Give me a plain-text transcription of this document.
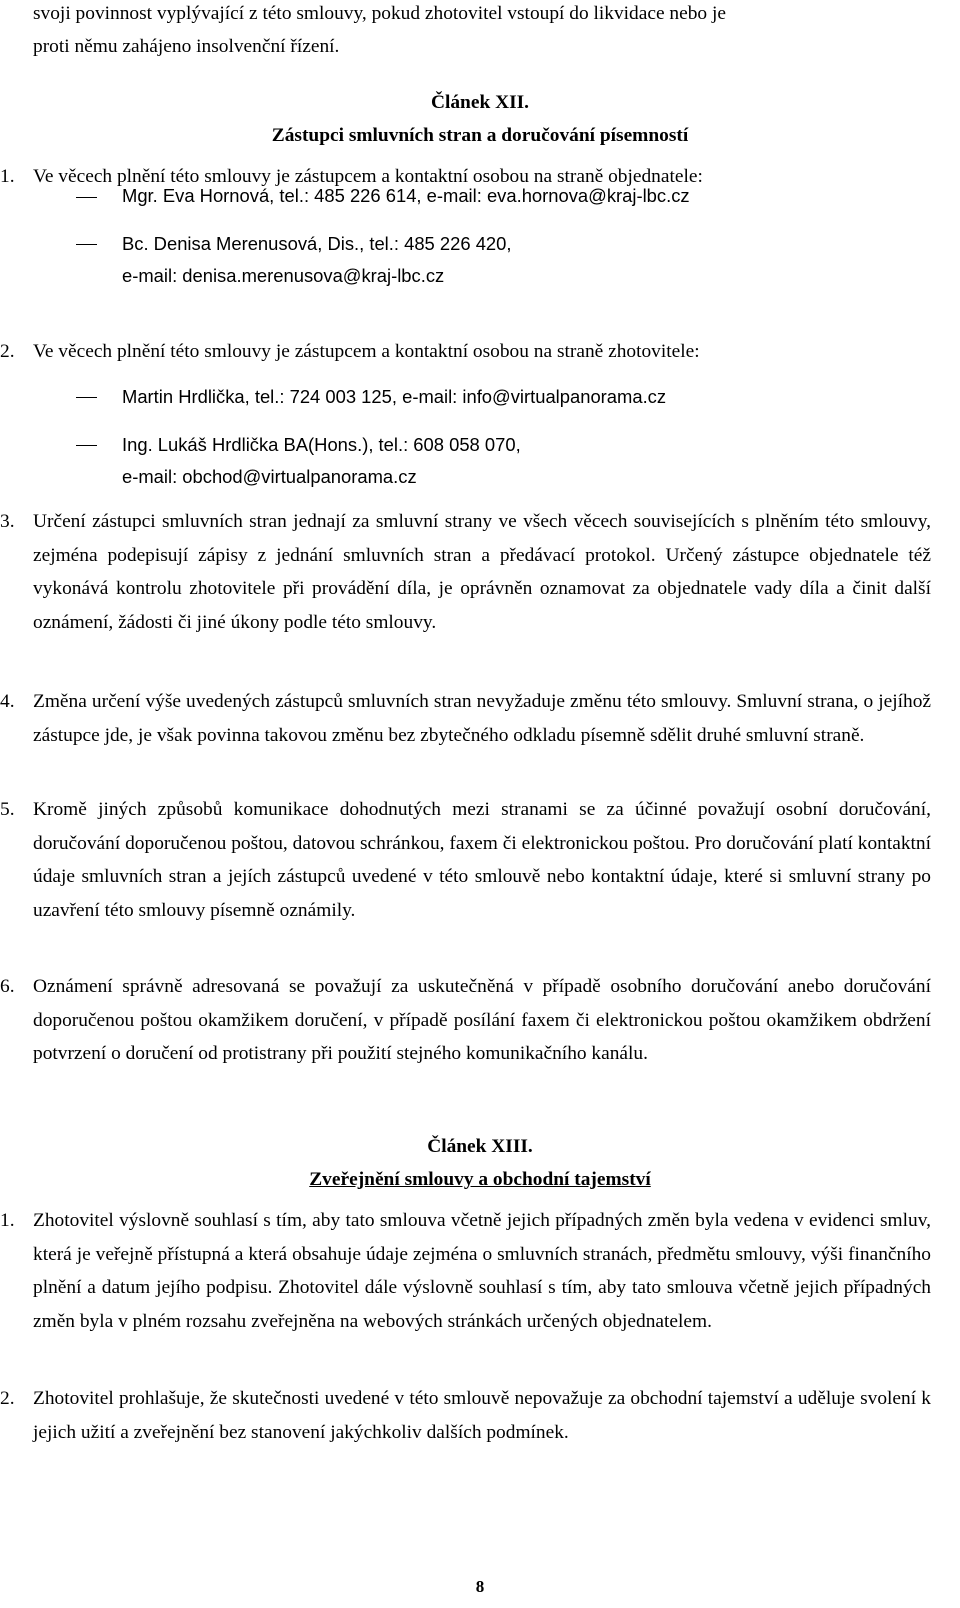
svoji povinnost vyplývající z této smlouvy, pokud zhotovitel vstoupí do likvidace nebo je
proti němu zahájeno insolvenční řízení.
Článek XII.
Zástupci smluvních stran a doručování písemností
1. Ve věcech plnění této smlouvy je zástupcem a kontaktní osobou na straně objednatele:
Mgr. Eva Hornová, tel.: 485 226 614, e-mail: eva.hornova@kraj-lbc.cz
Bc. Denisa Merenusová, Dis., tel.: 485 226 420,
e-mail: denisa.merenusova@kraj-lbc.cz
2. Ve věcech plnění této smlouvy je zástupcem a kontaktní osobou na straně zhotovitele:
Martin Hrdlička, tel.: 724 003 125, e-mail: info@virtualpanorama.cz
Ing. Lukáš Hrdlička BA(Hons.), tel.: 608 058 070,
e-mail: obchod@virtualpanorama.cz
3. Určení zástupci smluvních stran jednají za smluvní strany ve všech věcech souvisejících s plněním této smlouvy, zejména podepisují zápisy z jednání smluvních stran a předávací protokol. Určený zástupce objednatele též vykonává kontrolu zhotovitele při provádění díla, je oprávněn oznamovat za objednatele vady díla a činit další oznámení, žádosti či jiné úkony podle této smlouvy.

4. Změna určení výše uvedených zástupců smluvních stran nevyžaduje změnu této smlouvy. Smluvní strana, o jejíhož zástupce jde, je však povinna takovou změnu bez zbytečného odkladu písemně sdělit druhé smluvní straně.

5. Kromě jiných způsobů komunikace dohodnutých mezi stranami se za účinné považují osobní doručování, doručování doporučenou poštou, datovou schránkou, faxem či elektronickou poštou. Pro doručování platí kontaktní údaje smluvních stran a jejích zástupců uvedené v této smlouvě nebo kontaktní údaje, které si smluvní strany po uzavření této smlouvy písemně oznámily.

6. Oznámení správně adresovaná se považují za uskutečněná v případě osobního doručování anebo doručování doporučenou poštou okamžikem doručení, v případě posílání faxem či elektronickou poštou okamžikem obdržení potvrzení o doručení od protistrany při použití stejného komunikačního kanálu.

Článek XIII.
Zveřejnění smlouvy a obchodní tajemství
1. Zhotovitel výslovně souhlasí s tím, aby tato smlouva včetně jejich případných změn byla vedena v evidenci smluv, která je veřejně přístupná a která obsahuje údaje zejména o smluvních stranách, předmětu smlouvy, výši finančního plnění a datum jejího podpisu. Zhotovitel dále výslovně souhlasí s tím, aby tato smlouva včetně jejich případných změn byla v plném rozsahu zveřejněna na webových stránkách určených objednatelem.

2. Zhotovitel prohlašuje, že skutečnosti uvedené v této smlouvě nepovažuje za obchodní tajemství a uděluje svolení k jejich užití a zveřejnění bez stanovení jakýchkoliv dalších podmínek.

8
